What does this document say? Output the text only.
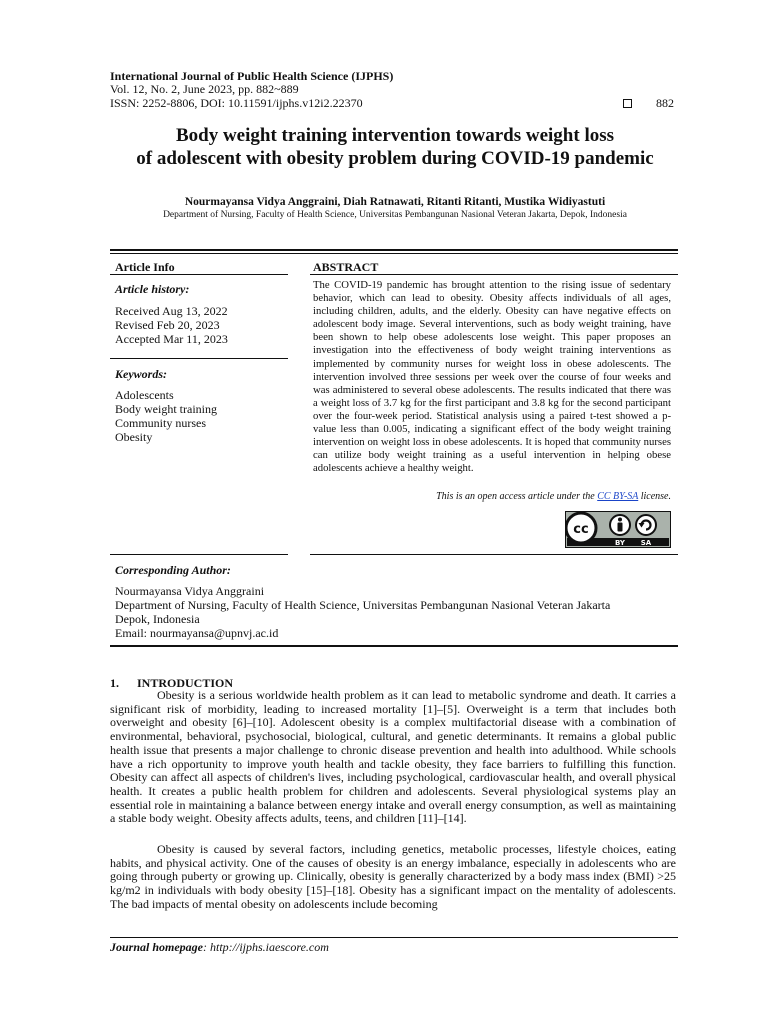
International Journal of Public Health Science (IJPHS)
Vol. 12, No. 2, June 2023, pp. 882~889
ISSN: 2252-8806, DOI: 10.11591/ijphs.v12i2.22370	882
Body weight training intervention towards weight loss
of adolescent with obesity problem during COVID-19 pandemic
Nourmayansa Vidya Anggraini, Diah Ratnawati, Ritanti Ritanti, Mustika Widiyastuti
Department of Nursing, Faculty of Health Science, Universitas Pembangunan Nasional Veteran Jakarta, Depok, Indonesia
Article Info
Article history:
Received Aug 13, 2022
Revised Feb 20, 2023
Accepted Mar 11, 2023
Keywords:
Adolescents
Body weight training
Community nurses
Obesity
ABSTRACT
The COVID-19 pandemic has brought attention to the rising issue of sedentary behavior, which can lead to obesity. Obesity affects individuals of all ages, including children, adults, and the elderly. Obesity can have negative effects on adolescent body image. Several interventions, such as body weight training, have been shown to help obese adolescents lose weight. This paper proposes an investigation into the effectiveness of body weight training interventions as implemented by community nurses for weight loss in obese adolescents. The intervention involved three sessions per week over the course of four weeks and was administered to several obese adolescents. The results indicated that there was a weight loss of 3.7 kg for the first participant and 3.8 kg for the second participant over the four-week period. Statistical analysis using a paired t-test showed a p-value less than 0.005, indicating a significant effect of the body weight training intervention on weight loss in obese adolescents. It is hoped that community nurses can utilize body weight training as a useful intervention in helping obese adolescents achieve a healthy weight.
This is an open access article under the CC BY-SA license.
cc
BY SA
Corresponding Author:
Nourmayansa Vidya Anggraini
Department of Nursing, Faculty of Health Science, Universitas Pembangunan Nasional Veteran Jakarta
Depok, Indonesia
Email: nourmayansa@upnvj.ac.id
1. INTRODUCTION

Obesity is a serious worldwide health problem as it can lead to metabolic syndrome and death. It carries a significant risk of morbidity, leading to increased mortality [1]–[5]. Overweight is a term that includes both overweight and obesity [6]–[10]. Adolescent obesity is a complex multifactorial disease with a combination of environmental, behavioral, psychosocial, biological, cultural, and genetic determinants. It remains a global public health issue that presents a major challenge to chronic disease prevention and health into adulthood. While schools have a rich opportunity to improve youth health and tackle obesity, they face barriers to fulfilling this function. Obesity can affect all aspects of children's lives, including psychological, cardiovascular health, and overall physical health. It creates a public health problem for children and adolescents. Several physiological systems play an essential role in maintaining a balance between energy intake and overall energy consumption, as well as maintaining a stable body weight. Obesity affects adults, teens, and children [11]–[14].

Obesity is caused by several factors, including genetics, metabolic processes, lifestyle choices, eating habits, and physical activity. One of the causes of obesity is an energy imbalance, especially in adolescents who are going through puberty or growing up. Clinically, obesity is generally characterized by a body mass index (BMI) >25 kg/m2 in individuals with body obesity [15]–[18]. Obesity has a significant impact on the mentality of adolescents. The bad impacts of mental obesity on adolescents include becoming

Journal homepage: http://ijphs.iaescore.com
